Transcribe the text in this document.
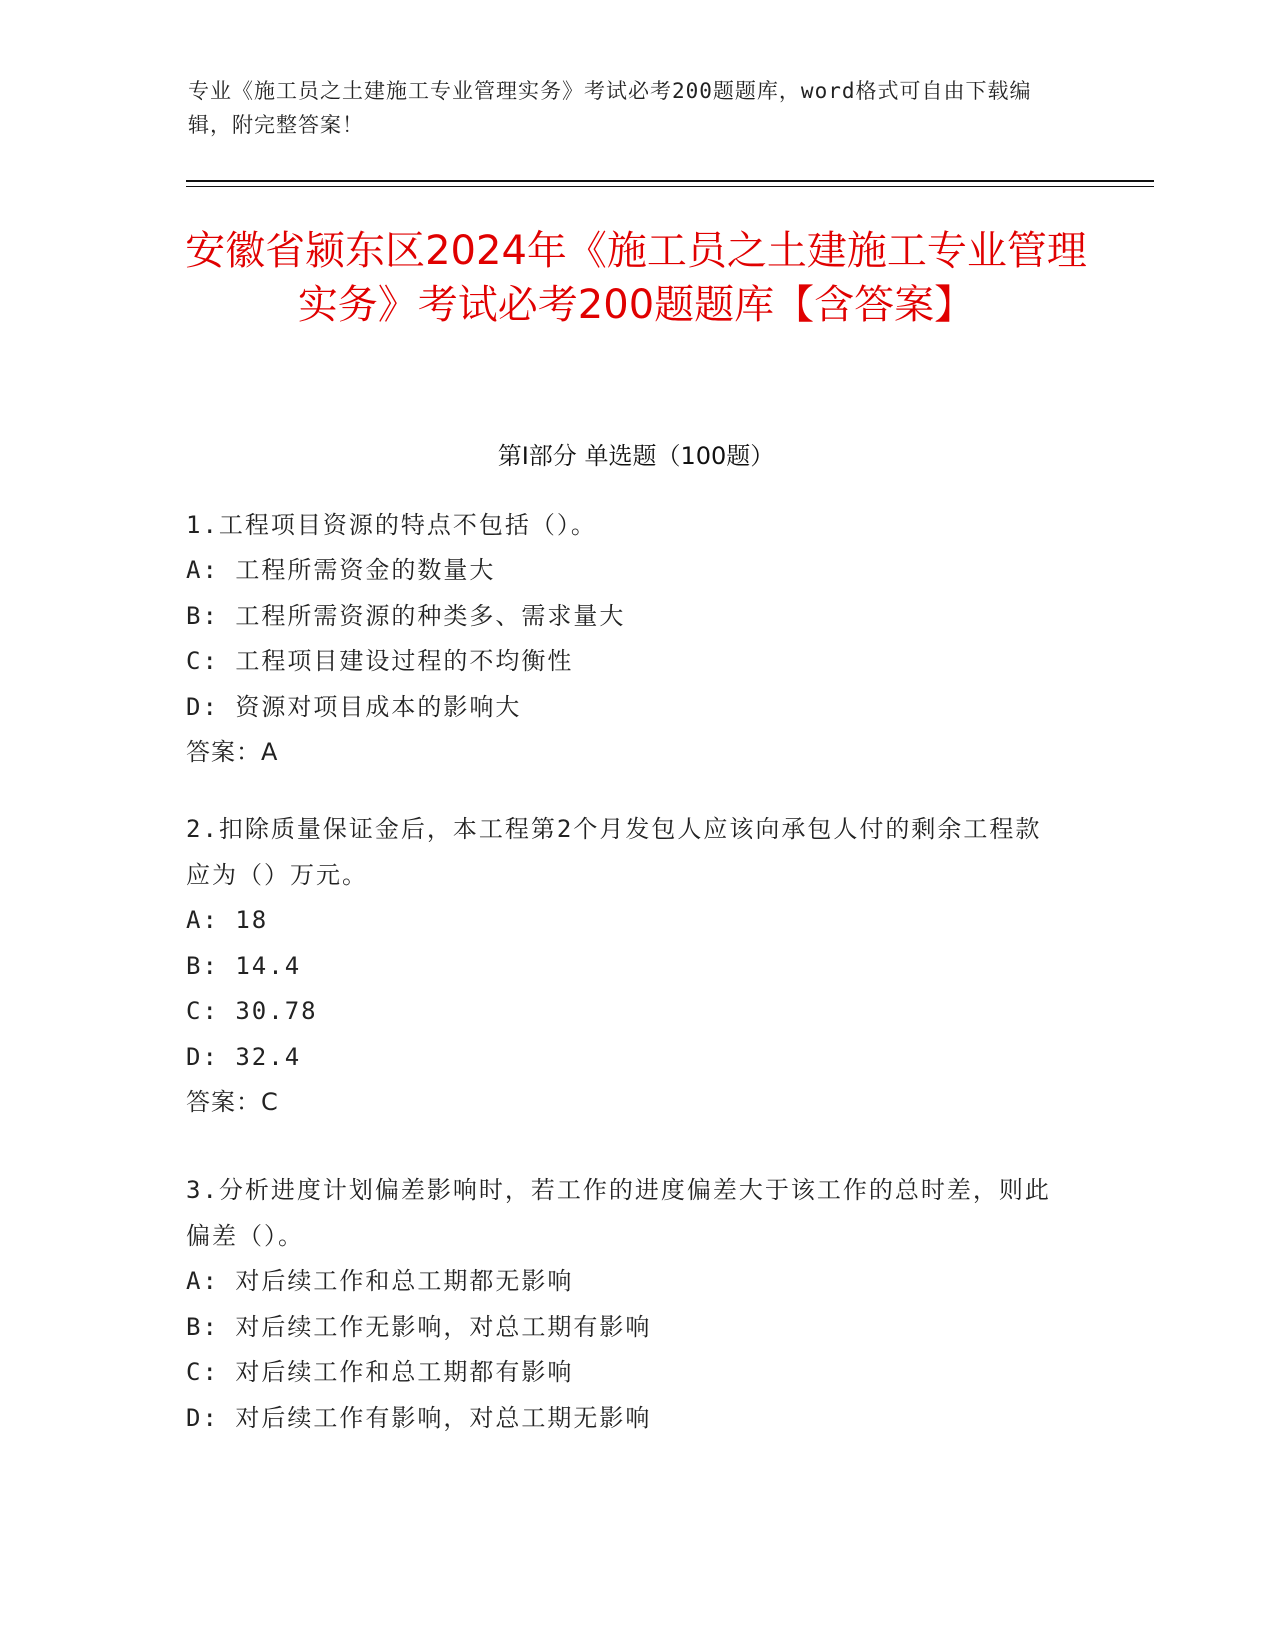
专业《施工员之土建施工专业管理实务》考试必考200题题库，word格式可自由下载编辑，附完整答案！
安徽省颍东区2024年《施工员之土建施工专业管理实务》考试必考200题题库【含答案】
第Ⅰ部分 单选题（100题）

1.工程项目资源的特点不包括（）。

A: 工程所需资金的数量大

B: 工程所需资源的种类多、需求量大

C: 工程项目建设过程的不均衡性

D: 资源对项目成本的影响大

答案：A

2.扣除质量保证金后，本工程第2个月发包人应该向承包人付的剩余工程款应为（）万元。

A: 18

B: 14.4

C: 30.78

D: 32.4

答案：C

3.分析进度计划偏差影响时，若工作的进度偏差大于该工作的总时差，则此偏差（）。

A: 对后续工作和总工期都无影响

B: 对后续工作无影响，对总工期有影响

C: 对后续工作和总工期都有影响

D: 对后续工作有影响，对总工期无影响
